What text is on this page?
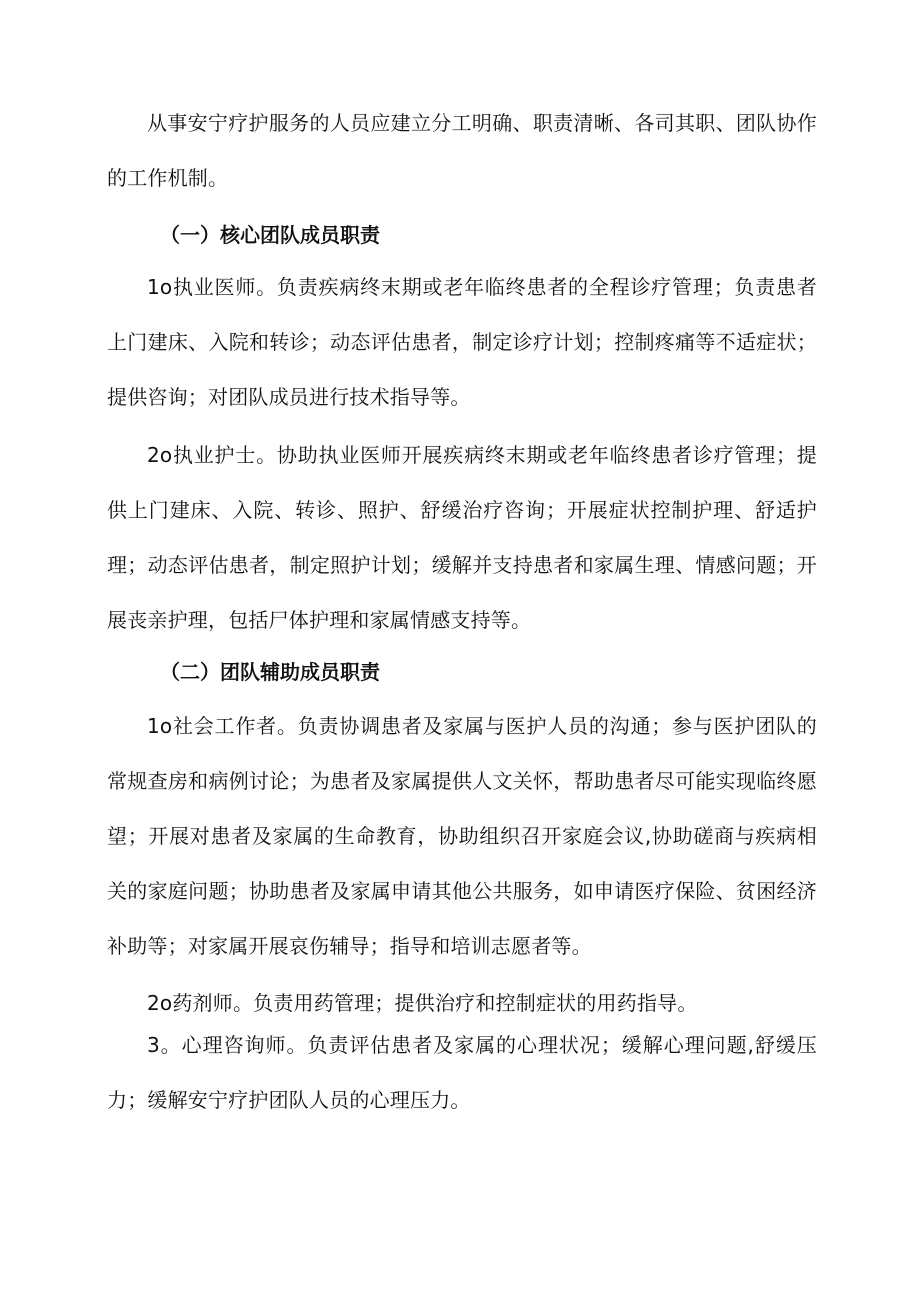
从事安宁疗护服务的人员应建立分工明确、职责清晰、各司其职、团队协作的工作机制。

（一）核心团队成员职责

1o执业医师。负责疾病终末期或老年临终患者的全程诊疗管理；负责患者上门建床、入院和转诊；动态评估患者，制定诊疗计划；控制疼痛等不适症状；提供咨询；对团队成员进行技术指导等。

2o执业护士。协助执业医师开展疾病终末期或老年临终患者诊疗管理；提供上门建床、入院、转诊、照护、舒缓治疗咨询；开展症状控制护理、舒适护理；动态评估患者，制定照护计划；缓解并支持患者和家属生理、情感问题；开展丧亲护理，包括尸体护理和家属情感支持等。

（二）团队辅助成员职责

1o社会工作者。负责协调患者及家属与医护人员的沟通；参与医护团队的常规查房和病例讨论；为患者及家属提供人文关怀，帮助患者尽可能实现临终愿望；开展对患者及家属的生命教育，协助组织召开家庭会议,协助磋商与疾病相关的家庭问题；协助患者及家属申请其他公共服务，如申请医疗保险、贫困经济补助等；对家属开展哀伤辅导；指导和培训志愿者等。

2o药剂师。负责用药管理；提供治疗和控制症状的用药指导。

3。心理咨询师。负责评估患者及家属的心理状况；缓解心理问题,舒缓压力；缓解安宁疗护团队人员的心理压力。
